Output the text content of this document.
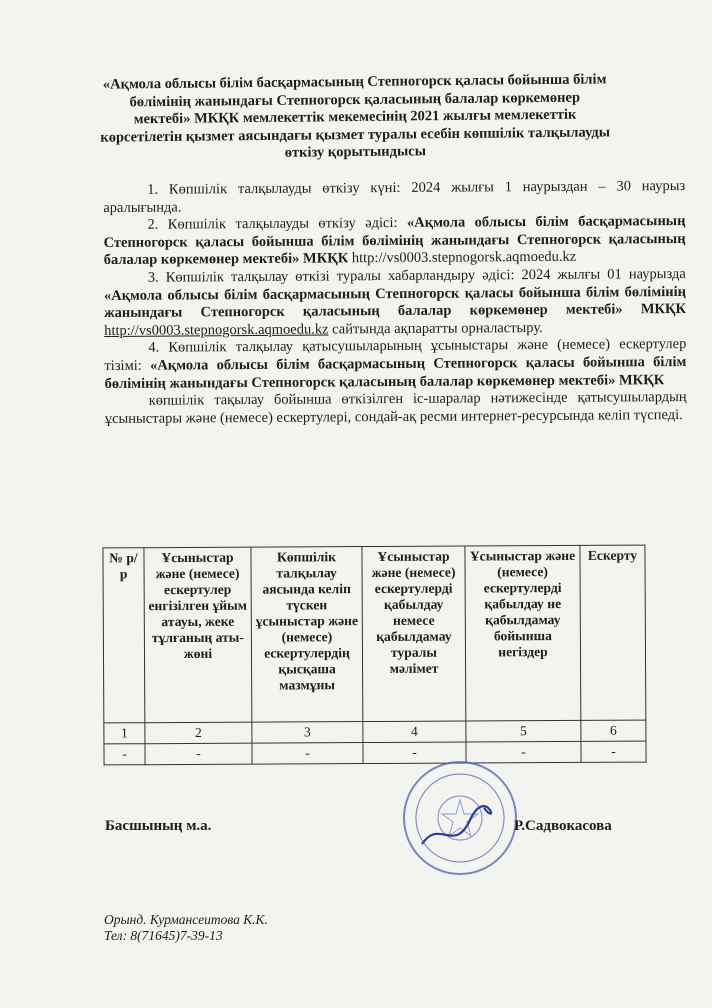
«Ақмола облысы білім басқармасының Степногорск қаласы бойынша білім бөлімінің жанындағы Степногорск қаласының балалар көркемөнер мектебі» МКҚК мемлекеттік мекемесінің 2021 жылғы мемлекеттік көрсетілетін қызмет аясындағы қызмет туралы есебін көпшілік талқылауды өткізу қорытындысы

1. Көпшілік талқылауды өткізу күні: 2024 жылғы 1 наурыздан – 30 наурыз аралығында.

2. Көпшілік талқылауды өткізу әдісі: «Ақмола облысы білім басқармасының Степногорск қаласы бойынша білім бөлімінің жанындағы Степногорск қаласының балалар көркемөнер мектебі» МКҚК http://vs0003.stepnogorsk.aqmoedu.kz

3. Көпшілік талқылау өткізі туралы хабарландыру әдісі: 2024 жылғы 01 наурызда «Ақмола облысы білім басқармасының Степногорск қаласы бойынша білім бөлімінің жанындағы Степногорск қаласының балалар көркемөнер мектебі» МКҚК http://vs0003.stepnogorsk.aqmoedu.kz сайтында ақпаратты орналастыру.

4. Көпшілік талқылау қатысушыларының ұсыныстары және (немесе) ескертулер тізімі: «Ақмола облысы білім басқармасының Степногорск қаласы бойынша білім бөлімінің жанындағы Степногорск қаласының балалар көркемөнер мектебі» МКҚК

көпшілік тақылау бойынша өткізілген іс-шаралар нәтижесінде қатысушылардың ұсыныстары және (немесе) ескертулері, сондай-ақ ресми интернет-ресурсында келіп түспеді.

№ р/р	Ұсыныстар және (немесе) ескертулер енгізілген ұйым атауы, жеке тұлғаның аты-жөні	Көпшілік талқылау аясында келіп түскен ұсыныстар және (немесе) ескертулердің қысқаша мазмұны	Ұсыныстар және (немесе) ескертулерді қабылдау немесе қабылдамау туралы мәлімет	Ұсыныстар және (немесе) ескертулерді қабылдау не қабылдамау бойынша негіздер	Ескерту
1	2	3	4	5	6
-	-	-	-	-	-
Басшының м.а.	Р.Садвокасова
Орынд. Курмансеитова К.К.
Тел: 8(71645)7-39-13
